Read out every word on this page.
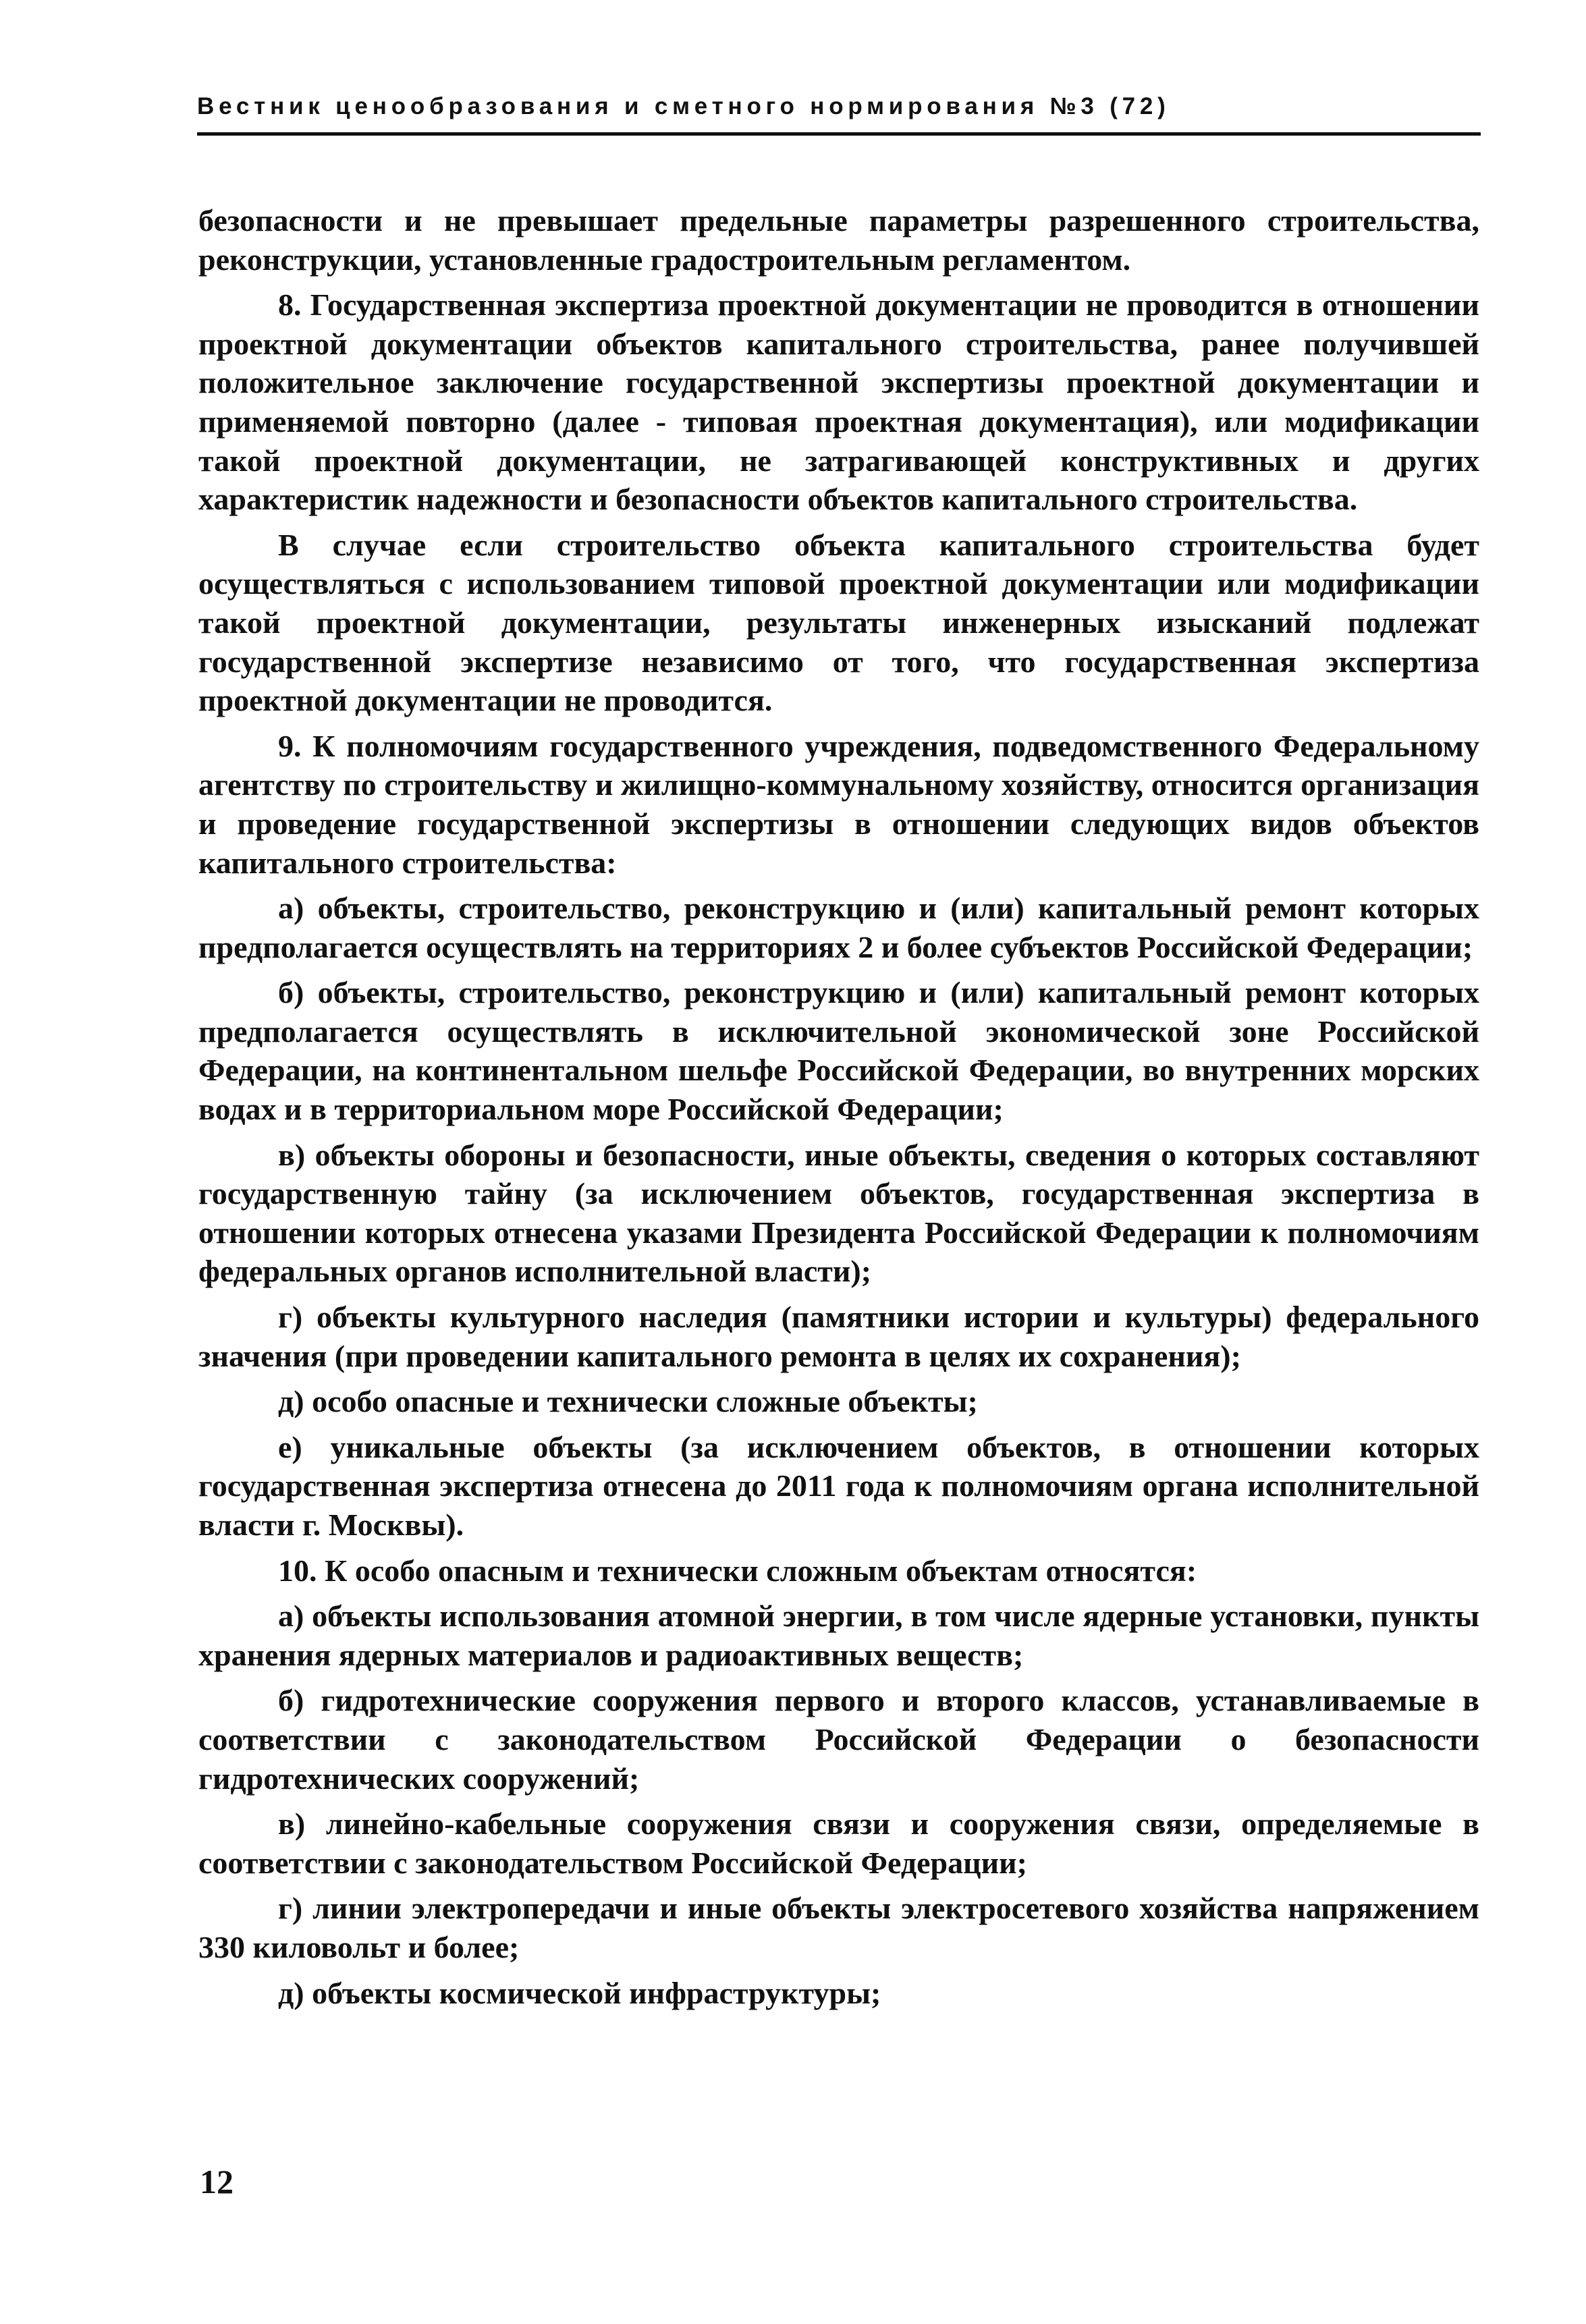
Вестник ценообразования и сметного нормирования №3 (72)

безопасности и не превышает предельные параметры разрешенного строительства, реконструкции, установленные градостроительным регламентом.

8. Государственная экспертиза проектной документации не проводится в отношении проектной документации объектов капитального строительства, ранее получившей положительное заключение государственной экспертизы проектной документации и применяемой повторно (далее - типовая проектная документация), или модификации такой проектной документации, не затрагивающей конструктивных и других характеристик надежности и безопасности объектов капитального строительства.

В случае если строительство объекта капитального строительства будет осуществляться с использованием типовой проектной документации или модификации такой проектной документации, результаты инженерных изысканий подлежат государственной экспертизе независимо от того, что государственная экспертиза проектной документации не проводится.

9. К полномочиям государственного учреждения, подведомственного Федеральному агентству по строительству и жилищно-коммунальному хозяйству, относится организация и проведение государственной экспертизы в отношении следующих видов объектов капитального строительства:

а) объекты, строительство, реконструкцию и (или) капитальный ремонт которых предполагается осуществлять на территориях 2 и более субъектов Российской Федерации;

б) объекты, строительство, реконструкцию и (или) капитальный ремонт которых предполагается осуществлять в исключительной экономической зоне Российской Федерации, на континентальном шельфе Российской Федерации, во внутренних морских водах и в территориальном море Российской Федерации;

в) объекты обороны и безопасности, иные объекты, сведения о которых составляют государственную тайну (за исключением объектов, государственная экспертиза в отношении которых отнесена указами Президента Российской Федерации к полномочиям федеральных органов исполнительной власти);

г) объекты культурного наследия (памятники истории и культуры) федерального значения (при проведении капитального ремонта в целях их сохранения);

д) особо опасные и технически сложные объекты;

е) уникальные объекты (за исключением объектов, в отношении которых государственная экспертиза отнесена до 2011 года к полномочиям органа исполнительной власти г. Москвы).

10. К особо опасным и технически сложным объектам относятся:

а) объекты использования атомной энергии, в том числе ядерные установки, пункты хранения ядерных материалов и радиоактивных веществ;

б) гидротехнические сооружения первого и второго классов, устанавливаемые в соответствии с законодательством Российской Федерации о безопасности гидротехнических сооружений;

в) линейно-кабельные сооружения связи и сооружения связи, определяемые в соответствии с законодательством Российской Федерации;

г) линии электропередачи и иные объекты электросетевого хозяйства напряжением 330 киловольт и более;

д) объекты космической инфраструктуры;

12
